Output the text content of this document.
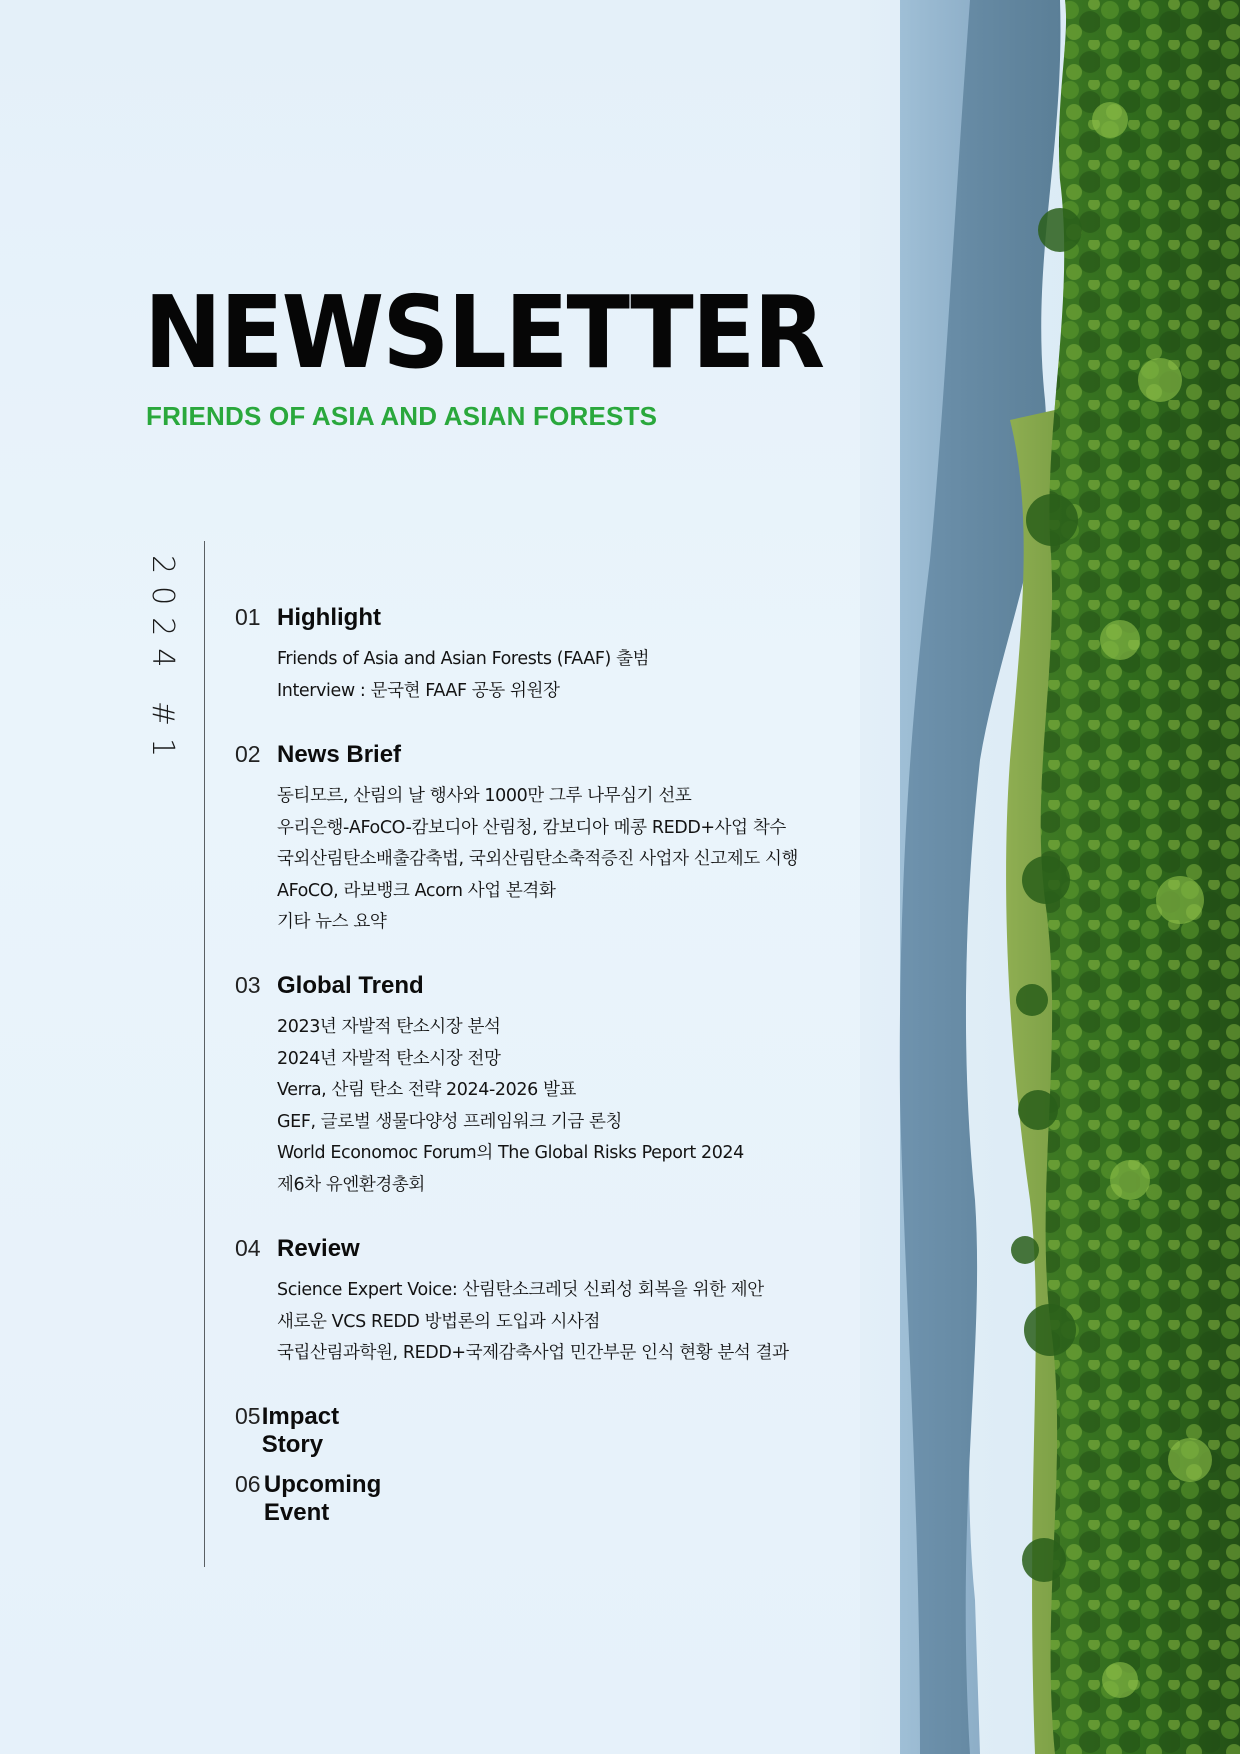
NEWSLETTER

FRIENDS OF ASIA AND ASIAN FORESTS

2024 #1 01 Highlight
Friends of Asia and Asian Forests (FAAF) 출범
Interview : 문국현 FAAF 공동 위원장
02 News Brief
동티모르, 산림의 날 행사와 1000만 그루 나무심기 선포
우리은행-AFoCO-캄보디아 산림청, 캄보디아 메콩 REDD+사업 착수
국외산림탄소배출감축법, 국외산림탄소축적증진 사업자 신고제도 시행
AFoCO, 라보뱅크 Acorn 사업 본격화
기타 뉴스 요약
03 Global Trend
2023년 자발적 탄소시장 분석
2024년 자발적 탄소시장 전망
Verra, 산림 탄소 전략 2024-2026 발표
GEF, 글로벌 생물다양성 프레임워크 기금 론칭
World Economoc Forum의 The Global Risks Peport 2024
제6차 유엔환경총회
04 Review
Science Expert Voice: 산림탄소크레딧 신뢰성 회복을 위한 제안
새로운 VCS REDD 방법론의 도입과 시사점
국립산림과학원, REDD+국제감축사업 민간부문 인식 현황 분석 결과
05 Impact Story
06 Upcoming Event
